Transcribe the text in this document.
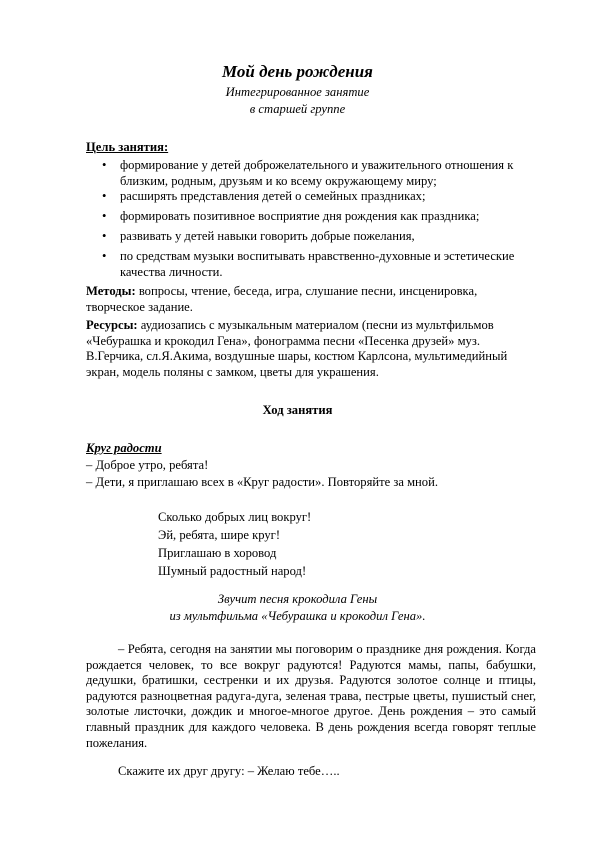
Мой день рождения
Интегрированное занятие
в старшей группе
Цель занятия:
• формирование у детей доброжелательного и уважительного отношения к близким, родным, друзьям и ко всему окружающему миру;
• расширять представления детей о семейных праздниках;
• формировать позитивное восприятие дня рождения как праздника;
• развивать у детей навыки говорить добрые пожелания,
• по средствам музыки воспитывать нравственно-духовные и эстетические качества личности.
Методы: вопросы, чтение, беседа, игра, слушание песни, инсценировка, творческое задание.
Ресурсы: аудиозапись с музыкальным материалом (песни из мультфильмов «Чебурашка и крокодил Гена», фонограмма песни «Песенка друзей» муз. В.Герчика, сл.Я.Акима, воздушные шары, костюм Карлсона, мультимедийный экран, модель поляны с замком, цветы для украшения.
Ход занятия
Круг радости
– Доброе утро, ребята!
– Дети, я приглашаю всех в «Круг радости». Повторяйте за мной.
Сколько добрых лиц вокруг!
Эй, ребята, шире круг!
Приглашаю в хоровод
Шумный радостный народ!
Звучит песня крокодила Гены
из мультфильма «Чебурашка и крокодил Гена».
– Ребята, сегодня на занятии мы поговорим о празднике дня рождения. Когда рождается человек, то все вокруг радуются! Радуются мамы, папы, бабушки, дедушки, братишки, сестренки и их друзья. Радуются золотое солнце и птицы, радуются разноцветная радуга-дуга, зеленая трава, пестрые цветы, пушистый снег, золотые листочки, дождик и многое-многое другое. День рождения – это самый главный праздник для каждого человека. В день рождения всегда говорят теплые пожелания.
Скажите их друг другу: – Желаю тебе…..
